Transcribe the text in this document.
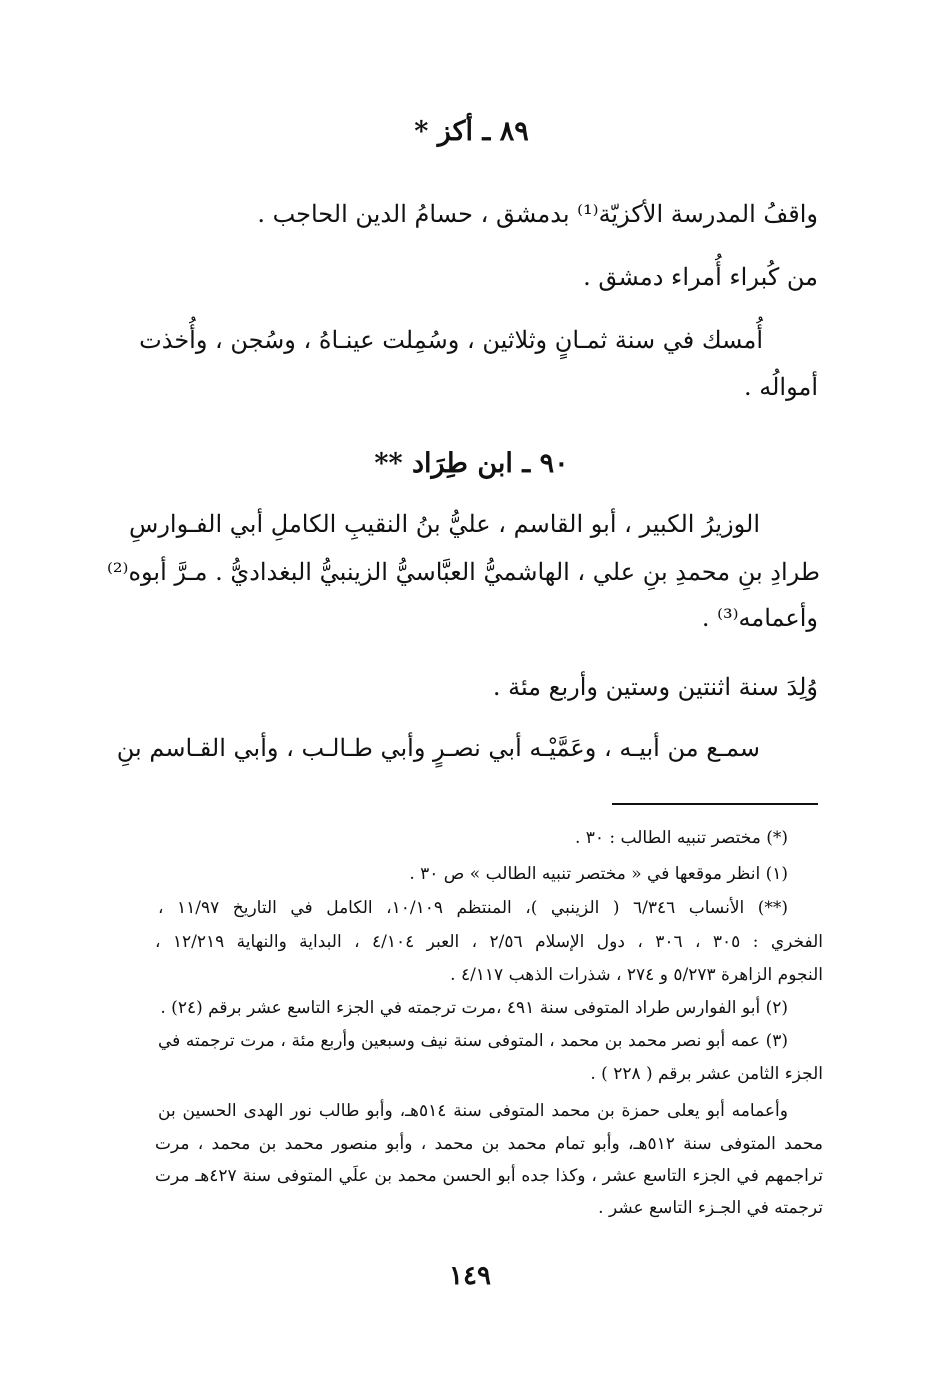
٨٩ ـ أكز *
واقفُ المدرسة الأكزيّة⁽¹⁾ بدمشق ، حسامُ الدين الحاجب .
من كُبراء أُمراء دمشق .
أُمسك في سنة ثمـانٍ وثلاثين ، وسُمِلت عينـاهُ ، وسُجن ، وأُخذت
أموالُه .
٩٠ ـ ابن طِرَاد **
الوزيرُ الكبير ، أبو القاسم ، عليُّ بنُ النقيبِ الكاملِ أبي الفـوارسِ
طرادِ بنِ محمدِ بنِ علي ، الهاشميُّ العبَّاسيُّ الزينبيُّ البغداديُّ . مـرَّ أبوه⁽²⁾
وأعمامه⁽³⁾ .
وُلِدَ سنة اثنتين وستين وأربع مئة .
سمـع من أبيـه ، وعَمَّيْـه أبي نصـرٍ وأبي طـالـب ، وأبي القـاسم بنِ
(*) مختصر تنبيه الطالب : ٣٠ .
(١) انظر موقعها في « مختصر تنبيه الطالب » ص ٣٠ .
(**) الأنساب ٦/٣٤٦ ( الزينبي )، المنتظم ١٠/١٠٩، الكامل في التاريخ ١١/٩٧ ،
الفخري : ٣٠٥ ، ٣٠٦ ، دول الإسلام ٢/٥٦ ، العبر ٤/١٠٤ ، البداية والنهاية ١٢/٢١٩ ،
النجوم الزاهرة ٥/٢٧٣ و ٢٧٤ ، شذرات الذهب ٤/١١٧ .
(٢) أبو الفوارس طراد المتوفى سنة ٤٩١ ،مرت ترجمته في الجزء التاسع عشر برقم (٢٤) .
(٣) عمه أبو نصر محمد بن محمد ، المتوفى سنة نيف وسبعين وأربع مئة ، مرت ترجمته في
الجزء الثامن عشر برقم ( ٢٢٨ ) .
وأعمامه أبو يعلى حمزة بن محمد المتوفى سنة ٥١٤هـ، وأبو طالب نور الهدى الحسين بن
محمد المتوفى سنة ٥١٢هـ، وأبو تمام محمد بن محمد ، وأبو منصور محمد بن محمد ، مرت
تراجمهم في الجزء التاسع عشر ، وكذا جده أبو الحسن محمد بن علَي المتوفى سنة ٤٢٧هـ مرت
ترجمته في الجـزء التاسع عشر .
١٤٩
